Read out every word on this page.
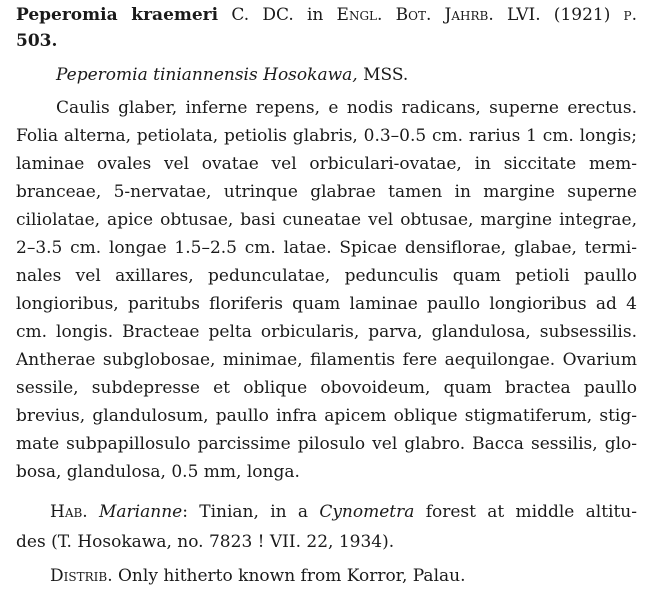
Peperomia kraemeri C. DC. in Engl. Bot. Jahrb. LVI. (1921) p.
503.
Peperomia tiniannensis Hosokawa, MSS.
Caulis glaber, inferne repens, e nodis radicans, superne erectus.
Folia alterna, petiolata, petiolis glabris, 0.3–0.5 cm. rarius 1 cm. longis;
laminae ovales vel ovatae vel orbiculari-ovatae, in siccitate mem-
branceae, 5-nervatae, utrinque glabrae tamen in margine superne
ciliolatae, apice obtusae, basi cuneatae vel obtusae, margine integrae,
2–3.5 cm. longae 1.5–2.5 cm. latae. Spicae densiflorae, glabae, termi-
nales vel axillares, pedunculatae, pedunculis quam petioli paullo
longioribus, paritubs floriferis quam laminae paullo longioribus ad 4
cm. longis. Bracteae pelta orbicularis, parva, glandulosa, subsessilis.
Antherae subglobosae, minimae, filamentis fere aequilongae. Ovarium
sessile, subdepresse et oblique obovoideum, quam bractea paullo
brevius, glandulosum, paullo infra apicem oblique stigmatiferum, stig-
mate subpapillosulo parcissime pilosulo vel glabro. Bacca sessilis, glo-
bosa, glandulosa, 0.5 mm, longa.
Hab. Marianne: Tinian, in a Cynometra forest at middle altitu-
des (T. Hosokawa, no. 7823 ! VII. 22, 1934).
Distrib. Only hitherto known from Korror, Palau.
